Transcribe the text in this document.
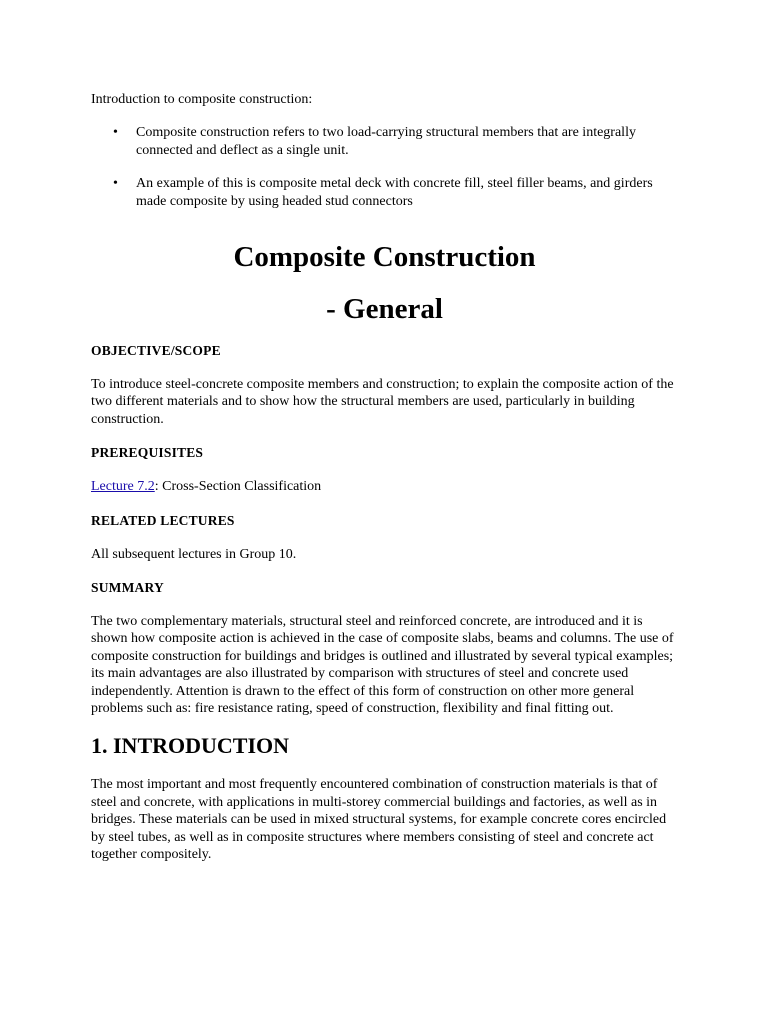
Introduction to composite construction:

• Composite construction refers to two load-carrying structural members that are integrally connected and deflect as a single unit.
• An example of this is composite metal deck with concrete fill, steel filler beams, and girders made composite by using headed stud connectors
Composite Construction
- General

OBJECTIVE/SCOPE

To introduce steel-concrete composite members and construction; to explain the composite action of the two different materials and to show how the structural members are used, particularly in building construction.

PREREQUISITES

Lecture 7.2: Cross-Section Classification

RELATED LECTURES

All subsequent lectures in Group 10.

SUMMARY

The two complementary materials, structural steel and reinforced concrete, are introduced and it is shown how composite action is achieved in the case of composite slabs, beams and columns. The use of composite construction for buildings and bridges is outlined and illustrated by several typical examples; its main advantages are also illustrated by comparison with structures of steel and concrete used independently. Attention is drawn to the effect of this form of construction on other more general problems such as: fire resistance rating, speed of construction, flexibility and final fitting out.

1. INTRODUCTION

The most important and most frequently encountered combination of construction materials is that of steel and concrete, with applications in multi-storey commercial buildings and factories, as well as in bridges. These materials can be used in mixed structural systems, for example concrete cores encircled by steel tubes, as well as in composite structures where members consisting of steel and concrete act together compositely.
